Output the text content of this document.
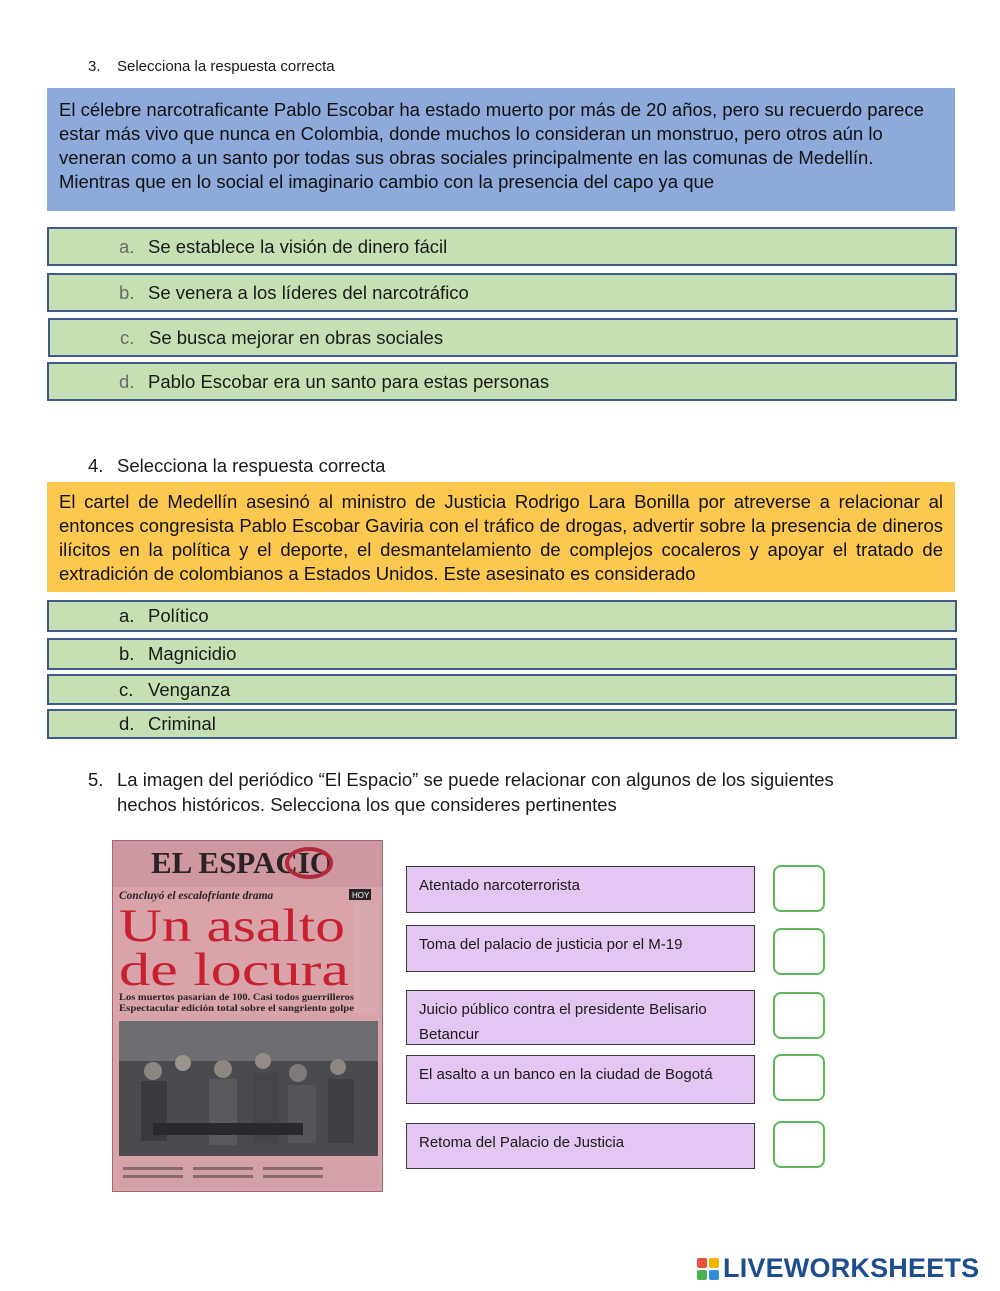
3. Selecciona la respuesta correcta
El célebre narcotraficante Pablo Escobar ha estado muerto por más de 20 años, pero su recuerdo parece estar más vivo que nunca en Colombia, donde muchos lo consideran un monstruo, pero otros aún lo veneran como a un santo por todas sus obras sociales principalmente en las comunas de Medellín. Mientras que en lo social el imaginario cambio con la presencia del capo ya que
a. Se establece la visión de dinero fácil
b. Se venera a los líderes del narcotráfico
c. Se busca mejorar en obras sociales
d. Pablo Escobar era un santo para estas personas
4. Selecciona la respuesta correcta
El cartel de Medellín asesinó al ministro de Justicia Rodrigo Lara Bonilla por atreverse a relacionar al entonces congresista Pablo Escobar Gaviria con el tráfico de drogas, advertir sobre la presencia de dineros ilícitos en la política y el deporte, el desmantelamiento de complejos cocaleros y apoyar el tratado de extradición de colombianos a Estados Unidos. Este asesinato es considerado
a. Político
b. Magnicidio
c. Venganza
d. Criminal
5. La imagen del periódico “El Espacio” se puede relacionar con algunos de los siguientes
hechos históricos. Selecciona los que consideres pertinentes
EL ESPACIO
Concluyó el escalofriante drama	HOY
Un asalto
de locura
Los muertos pasarían de 100. Casi todos guerrilleros
Espectacular edición total sobre el sangriento golpe
Atentado narcoterrorista
Toma del palacio de justicia por el M-19
Juicio público contra el presidente Belisario Betancur
El asalto a un banco en la ciudad de Bogotá
Retoma del Palacio de Justicia
LIVEWORKSHEETS
